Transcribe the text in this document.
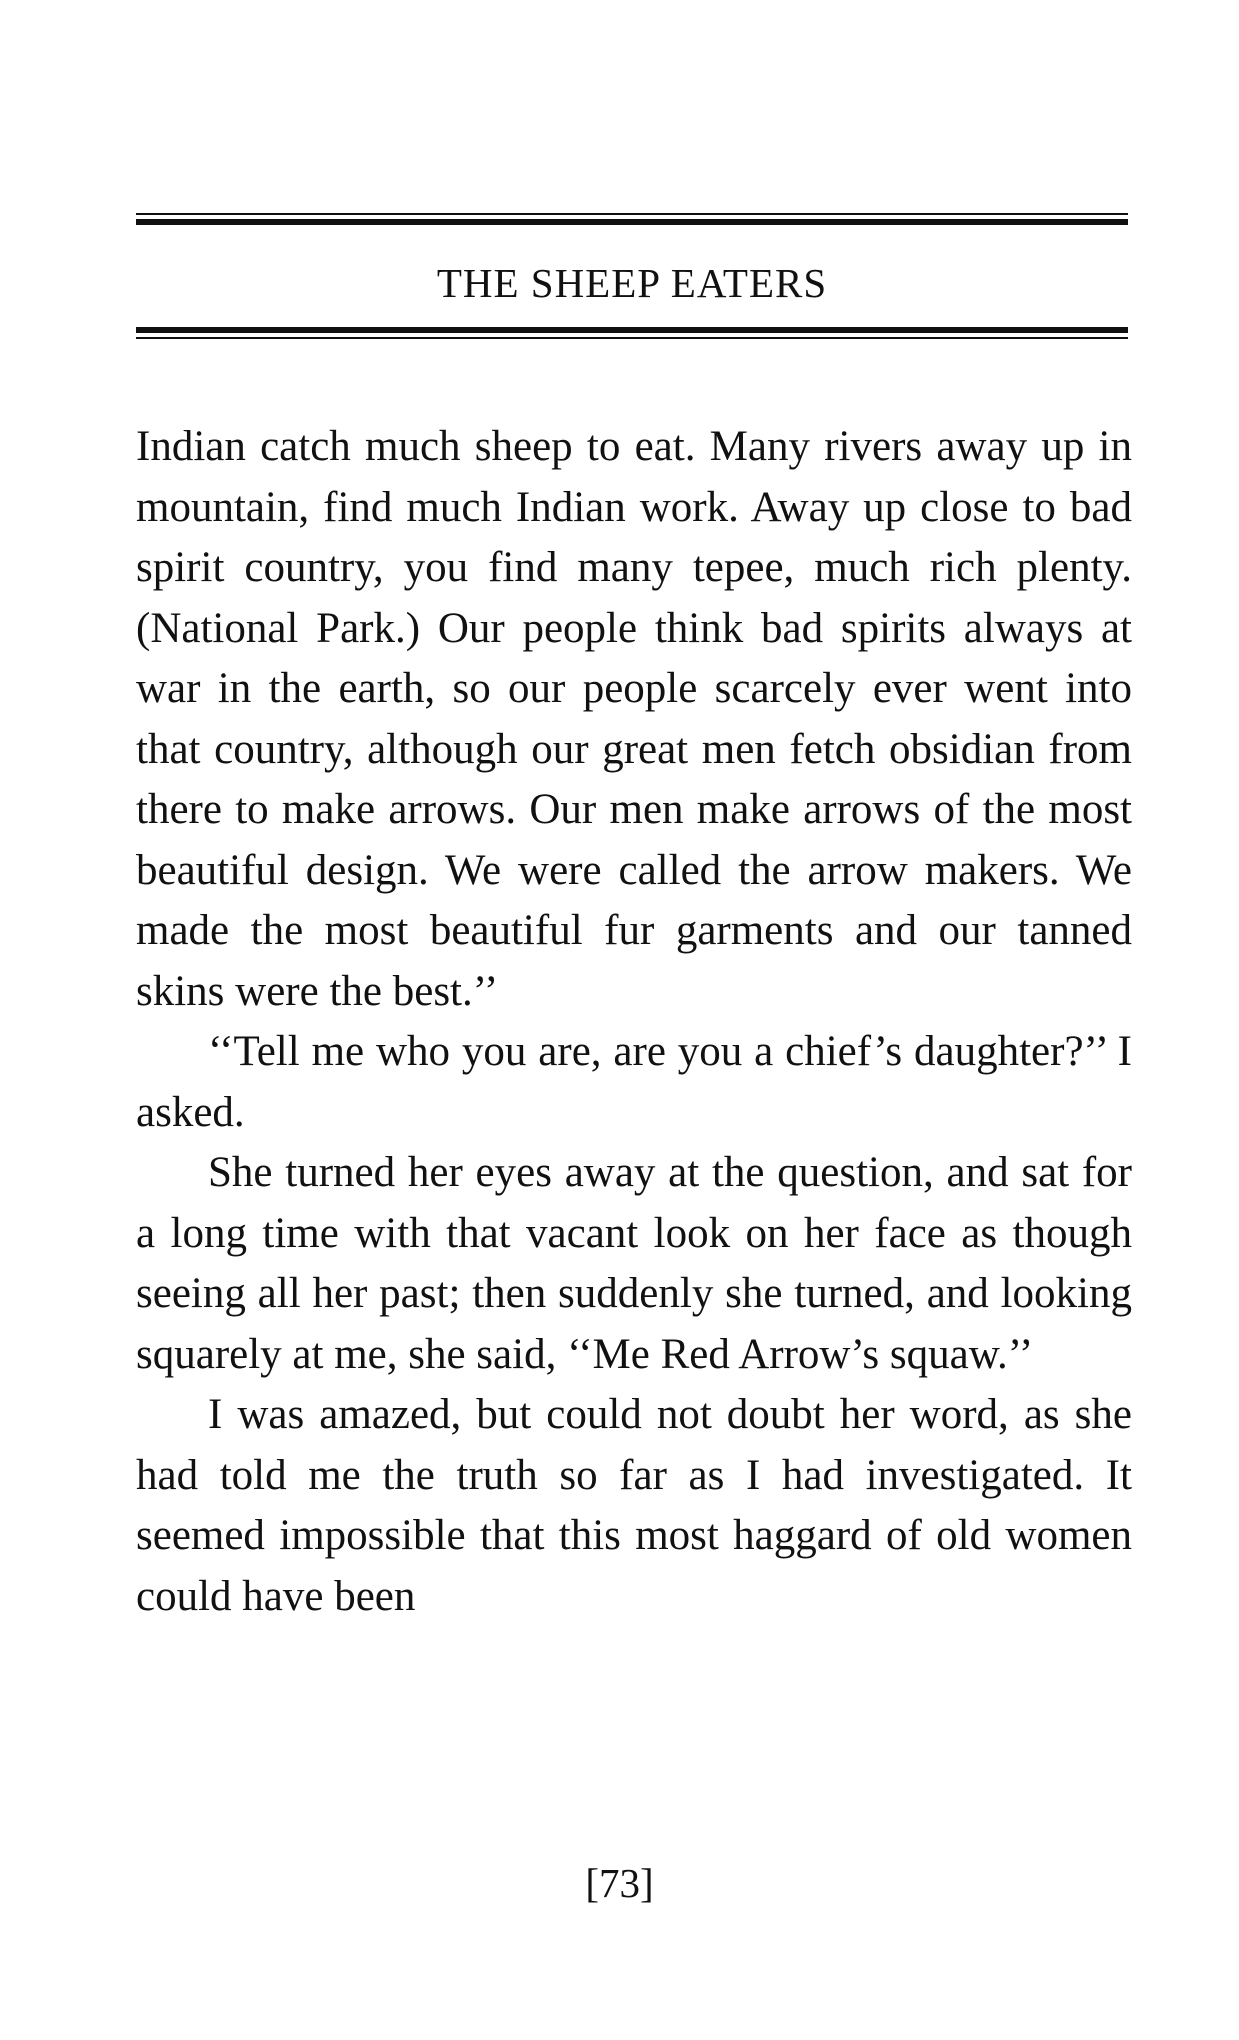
THE SHEEP EATERS

Indian catch much sheep to eat. Many rivers away up in mountain, find much Indian work. Away up close to bad spirit country, you find many tepee, much rich plenty. (National Park.) Our people think bad spirits always at war in the earth, so our people scarcely ever went into that country, although our great men fetch obsidian from there to make arrows. Our men make arrows of the most beautiful design. We were called the arrow makers. We made the most beautiful fur garments and our tanned skins were the best.’’

‘‘Tell me who you are, are you a chief’s daughter?’’ I asked.

She turned her eyes away at the question, and sat for a long time with that vacant look on her face as though seeing all her past; then suddenly she turned, and looking squarely at me, she said, ‘‘Me Red Arrow’s squaw.’’

I was amazed, but could not doubt her word, as she had told me the truth so far as I had investigated. It seemed impossible that this most haggard of old women could have been

[73]
